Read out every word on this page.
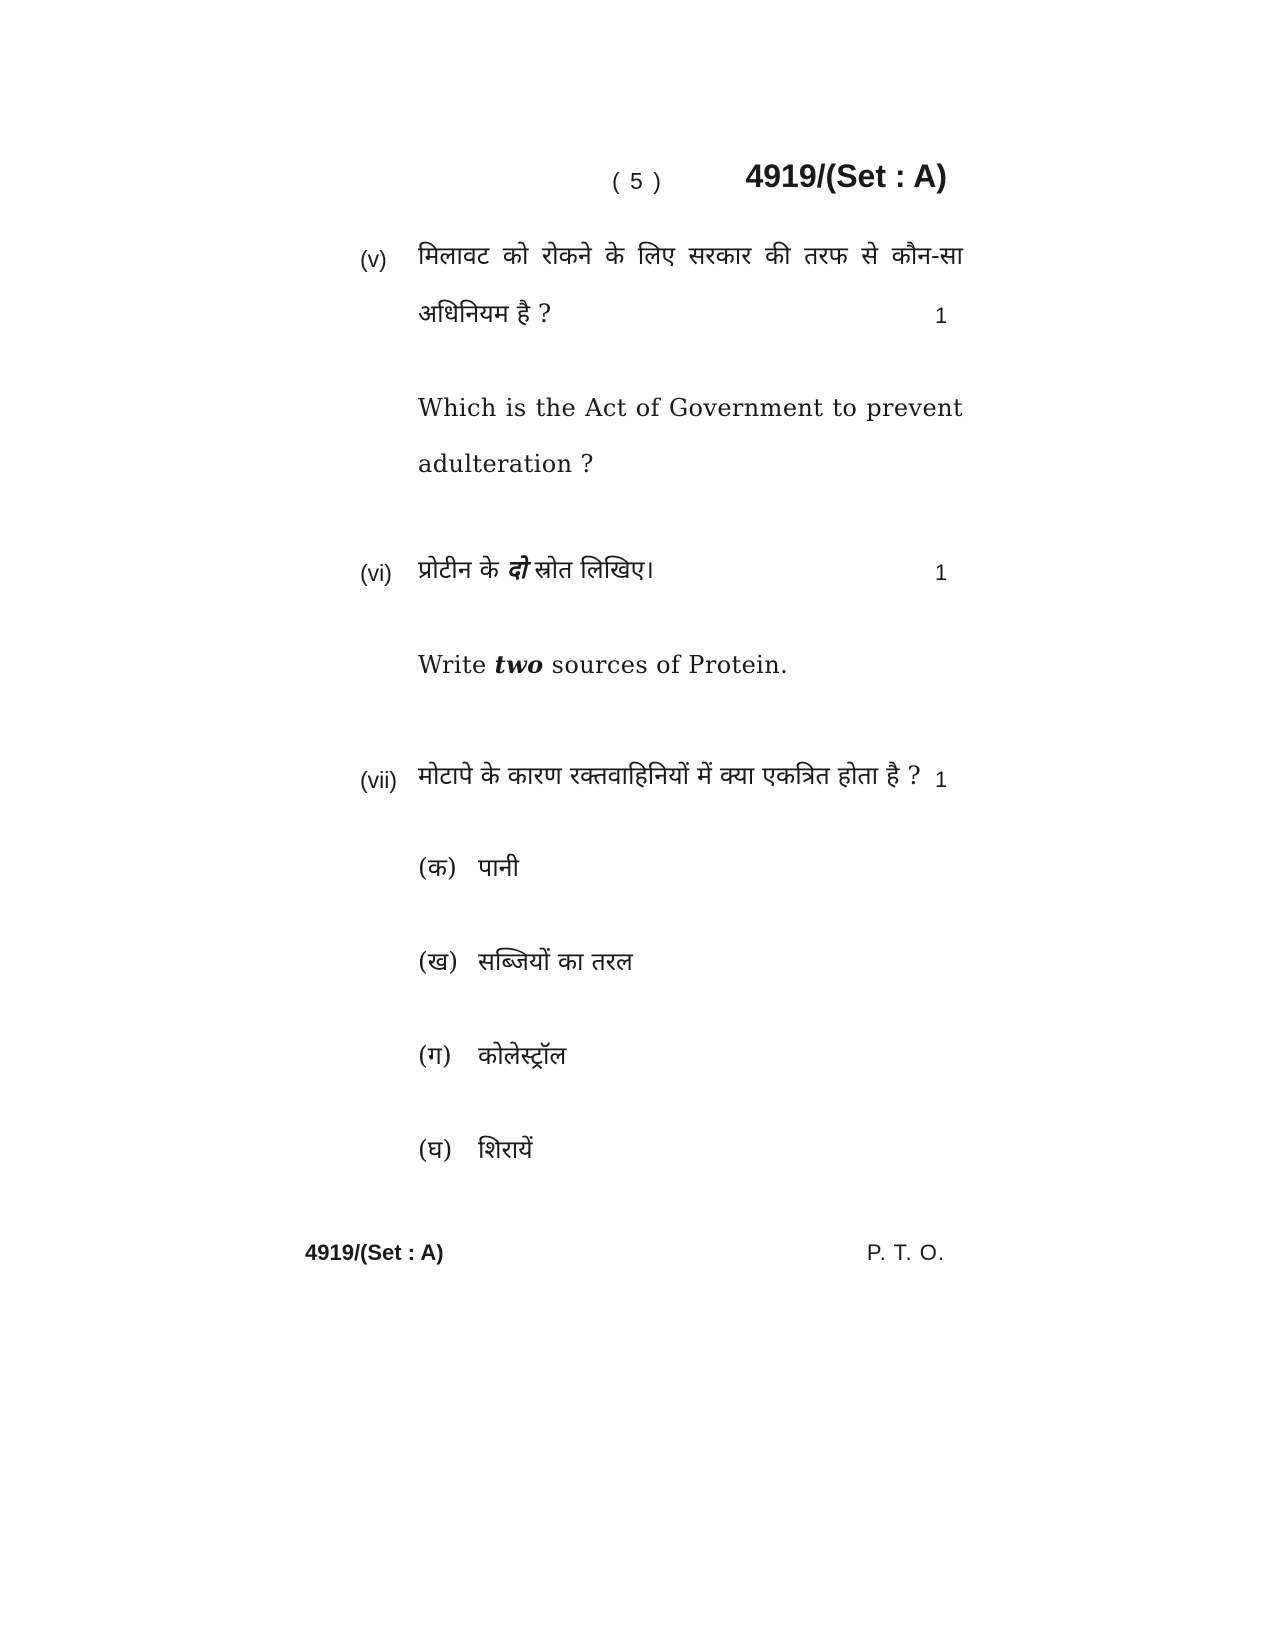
( 5 )	4919/(Set : A)
(v) मिलावट को रोकने के लिए सरकार की तरफ से कौन-सा
अधिनियम है ?	1
Which is the Act of Government to prevent
adulteration ?
(vi) प्रोटीन के दो स्रोत लिखिए।	1
Write two sources of Protein.
(vii) मोटापे के कारण रक्तवाहिनियों में क्या एकत्रित होता है ? 1
(क) पानी
(ख) सब्जियों का तरल
(ग) कोलेस्ट्रॉल
(घ) शिरायें
4919/(Set : A)	P. T. O.
